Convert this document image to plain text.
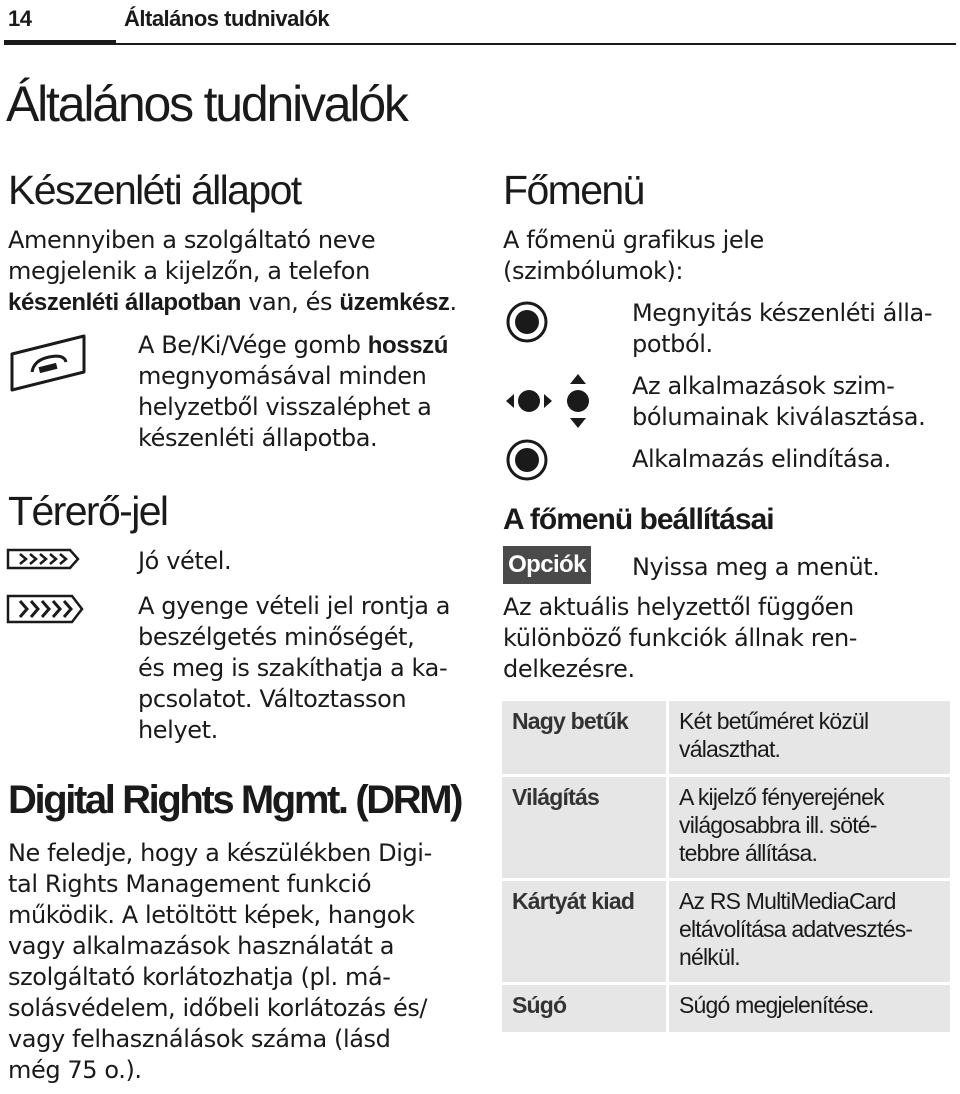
14	Általános tudnivalók
Általános tudnivalók
Készenléti állapot
Amennyiben a szolgáltató neve
megjelenik a kijelzőn, a telefon
készenléti állapotban van, és üzemkész.
A Be/Ki/Vége gomb hosszú
megnyomásával minden
helyzetből visszaléphet a
készenléti állapotba.
Térerő-jel
Jó vétel.
A gyenge vételi jel rontja a
beszélgetés minőségét,
és meg is szakíthatja a ka-
pcsolatot. Változtasson
helyet.
Digital Rights Mgmt. (DRM)
Ne feledje, hogy a készülékben Digi-
tal Rights Management funkció
működik. A letöltött képek, hangok
vagy alkalmazások használatát a
szolgáltató korlátozhatja (pl. má-
solásvédelem, időbeli korlátozás és/
vagy felhasználások száma (lásd
még 75 o.).
Főmenü
A főmenü grafikus jele
(szimbólumok):
Megnyitás készenléti álla-
potból.
Az alkalmazások szim-
bólumainak kiválasztása.
Alkalmazás elindítása.
A főmenü beállításai
Opciók Nyissa meg a menüt.
Az aktuális helyzettől függően
különböző funkciók állnak ren-
delkezésre.
Nagy betűk	Két betűméret közül
választhat.

Világítás	A kijelző fényerejének
világosabbra ill. söté-
tebbre állítása.

Kártyát kiad	Az RS MultiMediaCard
eltávolítása adatvesztés-
nélkül.

Súgó	Súgó megjelenítése.
